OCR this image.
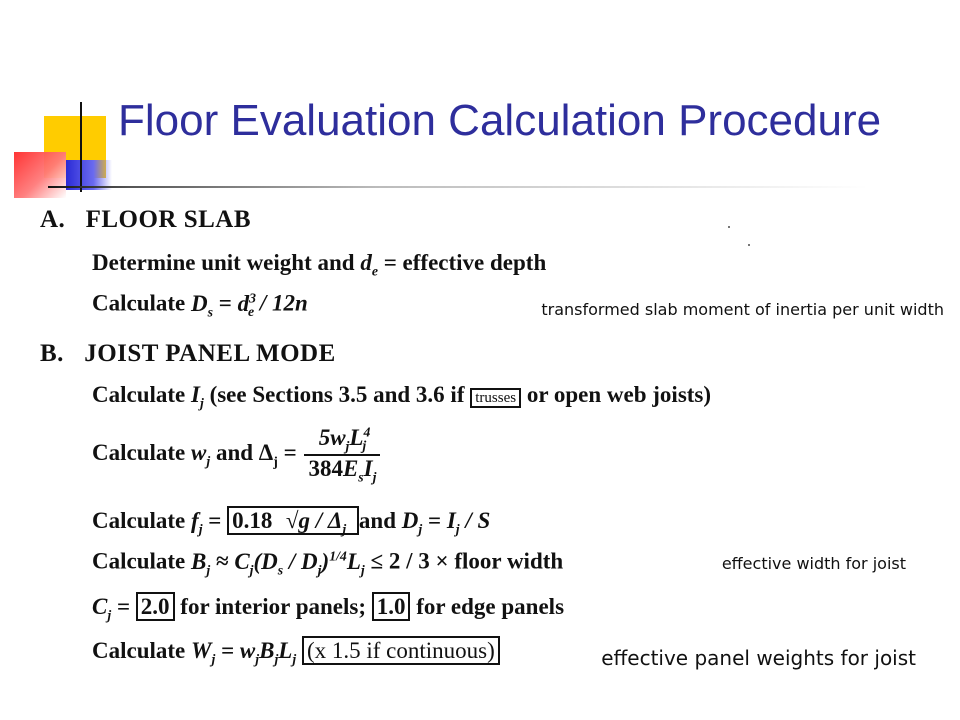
Floor Evaluation Calculation Procedure
A. FLOOR SLAB
Determine unit weight and $d_e$ = effective depth
Calculate $D_s = d^3_e / 12n$
B. JOIST PANEL MODE
Calculate $I_j$ (see Sections 3.5 and 3.6 if trusses or open web joists)
Calculate $w_j$ and $\Delta_j = \frac{5w_jL^4_j}{384E_sI_j}$
Calculate $f_j = 0.18$ $√g / \Delta_j$ and $D_j = I_j / S$
Calculate $B_j \approx C_j(D_s / D_j)^{1/4}L_j \le 2 / 3$ × floor width
$C_j = 2.0$ for interior panels; 1.0 for edge panels
Calculate $W_j = w_jB_jL_j$ (x 1.5 if continuous)
transformed slab moment of inertia per unit width
effective width for joist
effective panel weights for joist
